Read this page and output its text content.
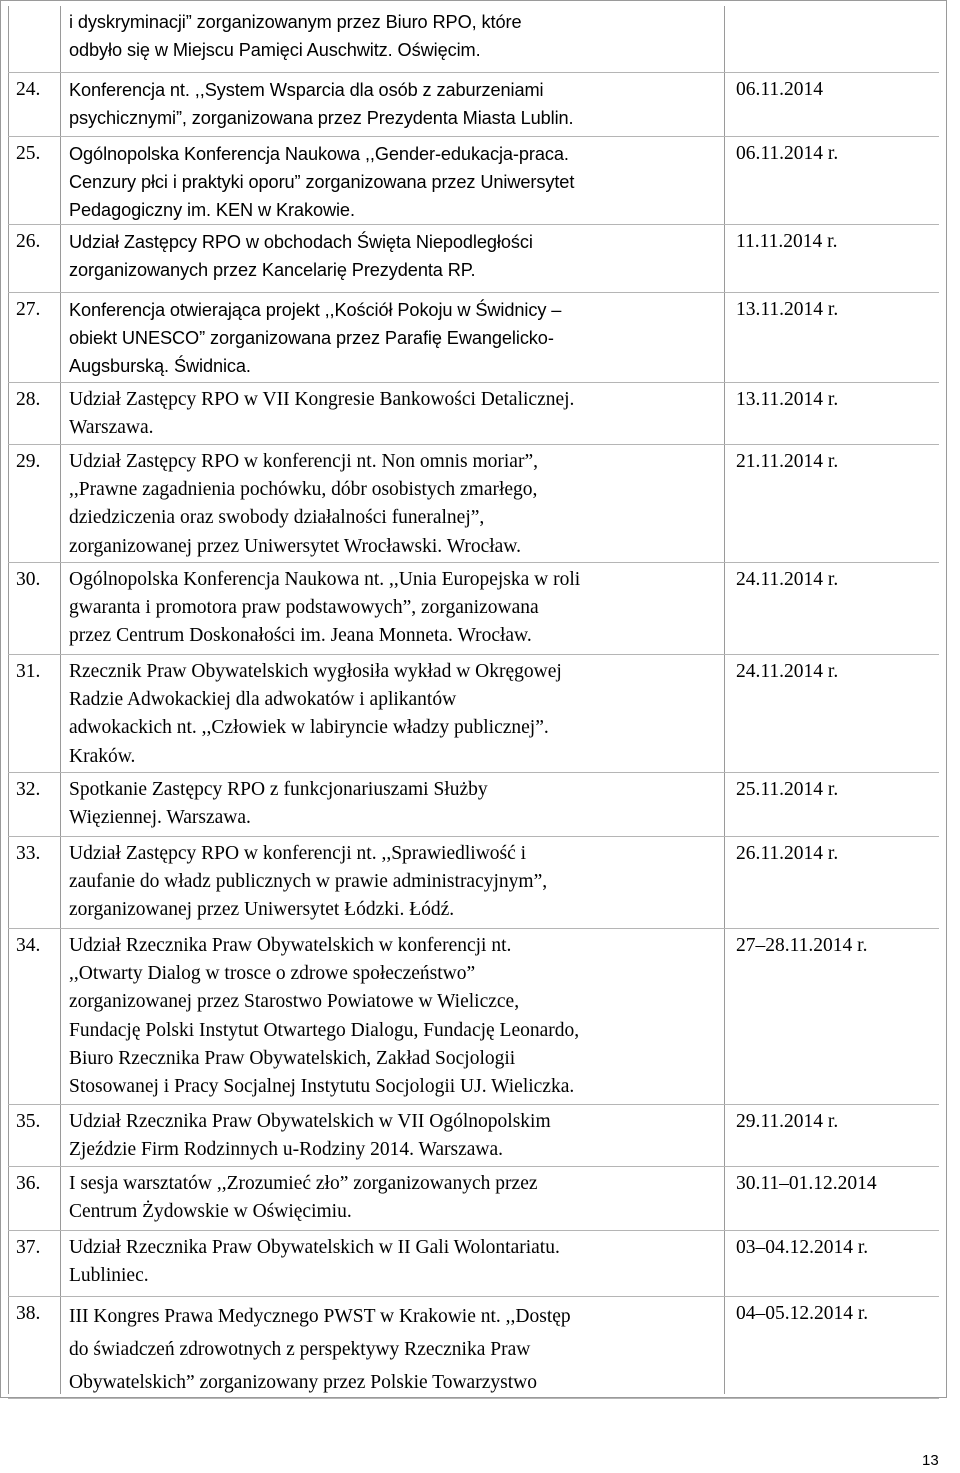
i dyskryminacji” zorganizowanym przez Biuro RPO, które
odbyło się w Miejscu Pamięci Auschwitz. Oświęcim.
24.	Konferencja nt. ,,System Wsparcia dla osób z zaburzeniami
psychicznymi”, zorganizowana przez Prezydenta Miasta Lublin.
06.11.2014
25.	Ogólnopolska Konferencja Naukowa ,,Gender-edukacja-praca.
Cenzury płci i praktyki oporu” zorganizowana przez Uniwersytet
Pedagogiczny im. KEN w Krakowie.
06.11.2014 r.
26.	Udział Zastępcy RPO w obchodach Święta Niepodległości
zorganizowanych przez Kancelarię Prezydenta RP.
11.11.2014 r.
27.	Konferencja otwierająca projekt ,,Kościół Pokoju w Świdnicy –
obiekt UNESCO” zorganizowana przez Parafię Ewangelicko-
Augsburską. Świdnica.
13.11.2014 r.
28.	Udział Zastępcy RPO w VII Kongresie Bankowości Detalicznej.
Warszawa.
13.11.2014 r.
29.	Udział Zastępcy RPO w konferencji nt. Non omnis moriar”,
,,Prawne zagadnienia pochówku, dóbr osobistych zmarłego,
dziedziczenia oraz swobody działalności funeralnej”,
zorganizowanej przez Uniwersytet Wrocławski. Wrocław.
21.11.2014 r.
30.	Ogólnopolska Konferencja Naukowa nt. ,,Unia Europejska w roli
gwaranta i promotora praw podstawowych”, zorganizowana
przez Centrum Doskonałości im. Jeana Monneta. Wrocław.
24.11.2014 r.
31.	Rzecznik Praw Obywatelskich wygłosiła wykład w Okręgowej
Radzie Adwokackiej dla adwokatów i aplikantów
adwokackich nt. ,,Człowiek w labiryncie władzy publicznej”.
Kraków.
24.11.2014 r.
32.	Spotkanie Zastępcy RPO z funkcjonariuszami Służby
Więziennej. Warszawa.
25.11.2014 r.
33.	Udział Zastępcy RPO w konferencji nt. ,,Sprawiedliwość i
zaufanie do władz publicznych w prawie administracyjnym”,
zorganizowanej przez Uniwersytet Łódzki. Łódź.
26.11.2014 r.
34.	Udział Rzecznika Praw Obywatelskich w konferencji nt.
,,Otwarty Dialog w trosce o zdrowe społeczeństwo”
zorganizowanej przez Starostwo Powiatowe w Wieliczce,
Fundację Polski Instytut Otwartego Dialogu, Fundację Leonardo,
Biuro Rzecznika Praw Obywatelskich, Zakład Socjologii
Stosowanej i Pracy Socjalnej Instytutu Socjologii UJ. Wieliczka.
27–28.11.2014 r.
35.	Udział Rzecznika Praw Obywatelskich w VII Ogólnopolskim
Zjeździe Firm Rodzinnych u-Rodziny 2014. Warszawa.
29.11.2014 r.
36.	I sesja warsztatów ,,Zrozumieć zło” zorganizowanych przez
Centrum Żydowskie w Oświęcimiu.
30.11–01.12.2014
37.	Udział Rzecznika Praw Obywatelskich w II Gali Wolontariatu.
Lubliniec.
03–04.12.2014 r.
38.	III Kongres Prawa Medycznego PWST w Krakowie nt. ,,Dostęp
do świadczeń zdrowotnych z perspektywy Rzecznika Praw
Obywatelskich” zorganizowany przez Polskie Towarzystwo
04–05.12.2014 r.
13
